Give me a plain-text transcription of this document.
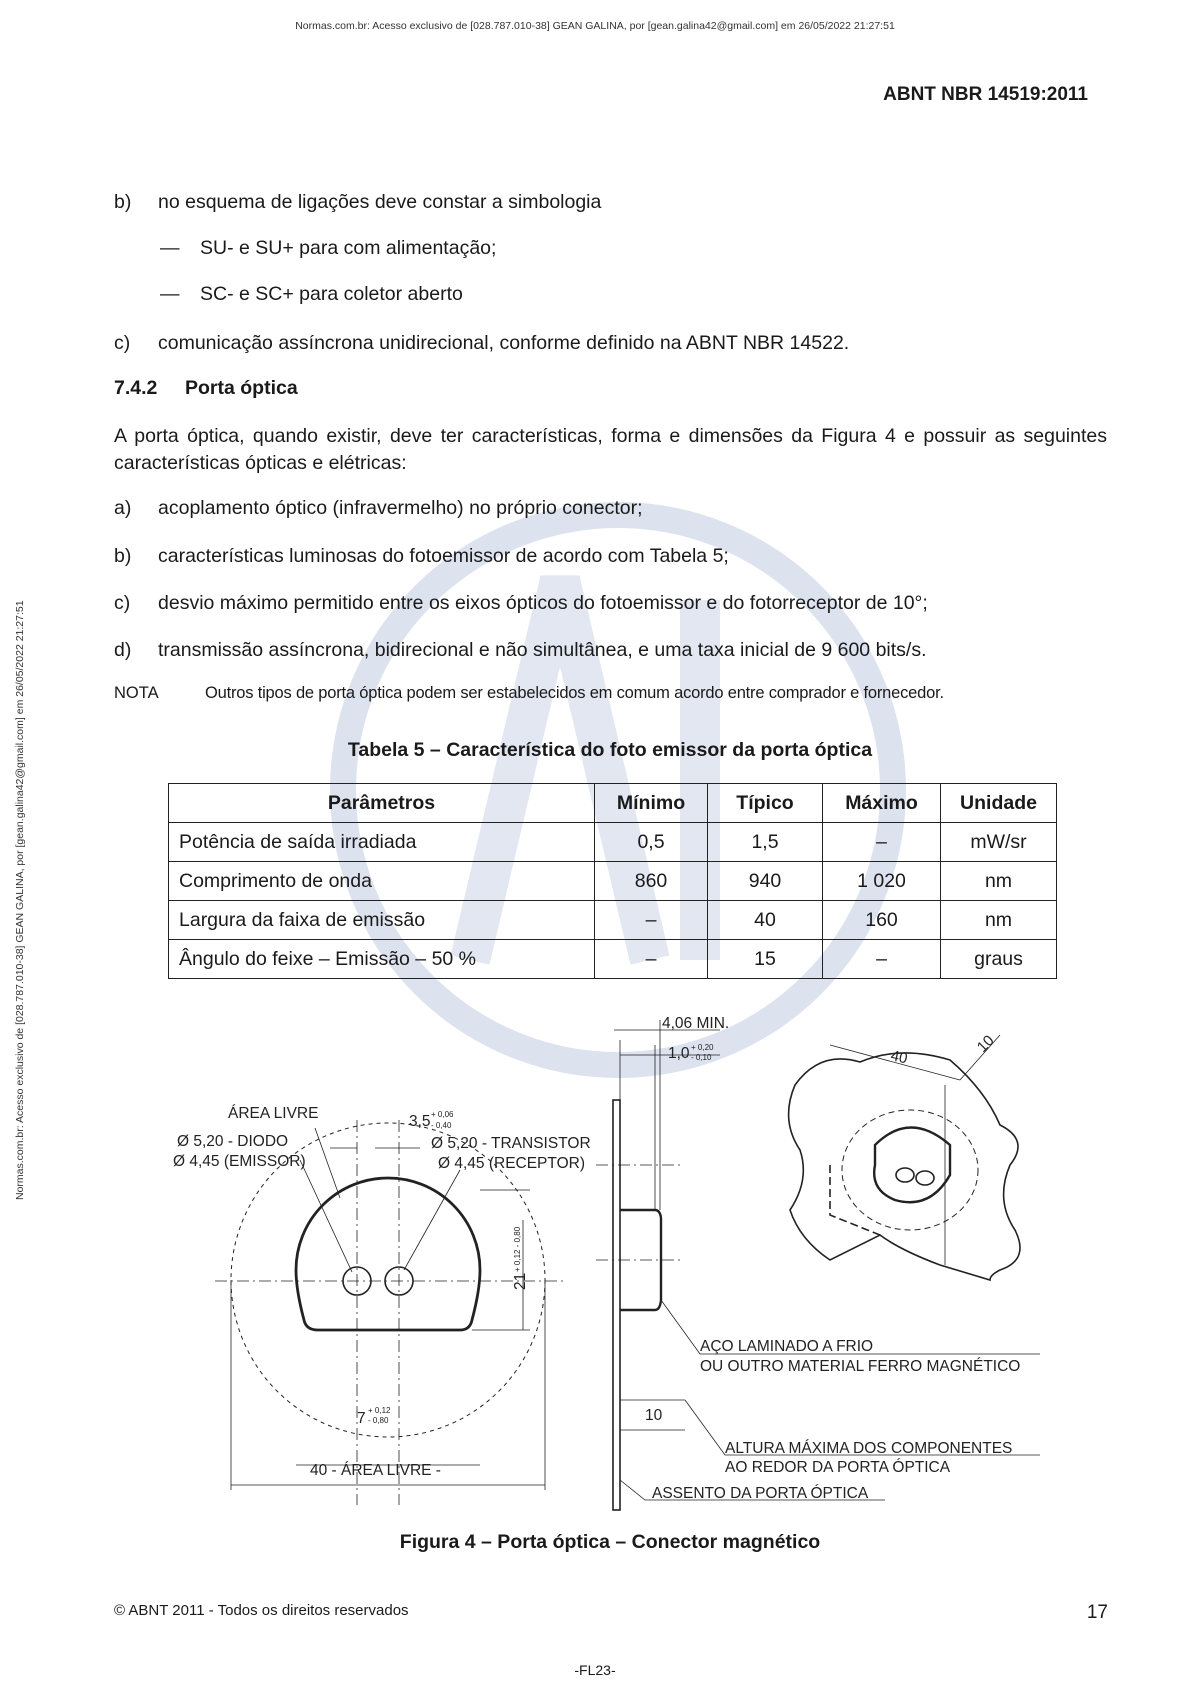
Normas.com.br: Acesso exclusivo de [028.787.010-38] GEAN GALINA, por [gean.galina42@gmail.com] em 26/05/2022 21:27:51
Normas.com.br: Acesso exclusivo de [028.787.010-38] GEAN GALINA, por [gean.galina42@gmail.com] em 26/05/2022 21:27:51
ABNT NBR 14519:2011
b) no esquema de ligações deve constar a simbologia
— SU- e SU+ para com alimentação;
— SC- e SC+ para coletor aberto
c) comunicação assíncrona unidirecional, conforme definido na ABNT NBR 14522.
7.4.2 Porta óptica
A porta óptica, quando existir, deve ter características, forma e dimensões da Figura 4 e possuir as seguintes características ópticas e elétricas:
a) acoplamento óptico (infravermelho) no próprio conector;
b) características luminosas do fotoemissor de acordo com Tabela 5;
c) desvio máximo permitido entre os eixos ópticos do fotoemissor e do fotorreceptor de 10°;
d) transmissão assíncrona, bidirecional e não simultânea, e uma taxa inicial de 9 600 bits/s.
NOTA	Outros tipos de porta óptica podem ser estabelecidos em comum acordo entre comprador e fornecedor.
Tabela 5 – Característica do foto emissor da porta óptica
Parâmetros	Mínimo	Típico	Máximo	Unidade
Potência de saída irradiada	0,5	1,5	–	mW/sr
Comprimento de onda	860	940	1 020	nm
Largura da faixa de emissão	–	40	160	nm
Ângulo do feixe – Emissão – 50 %	–	15	–	graus
ÁREA LIVRE
Ø 5,20 - DIODO
Ø 4,45 (EMISSOR)
3,5 + 0,06
- 0,40
Ø 5,20 - TRANSISTOR
Ø 4,45 (RECEPTOR)
21
+ 0,12 - 0,80
7 + 0,12
- 0,80
40 - ÁREA LIVRE -
4,06 MIN.
1,0 + 0,20
- 0,10	40
10
AÇO LAMINADO A FRIO
OU OUTRO MATERIAL FERRO MAGNÉTICO
10
ALTURA MÁXIMA DOS COMPONENTES
AO REDOR DA PORTA ÓPTICA
ASSENTO DA PORTA ÓPTICA
Figura 4 – Porta óptica – Conector magnético
© ABNT 2011 - Todos os direitos reservados	17
-FL23-
